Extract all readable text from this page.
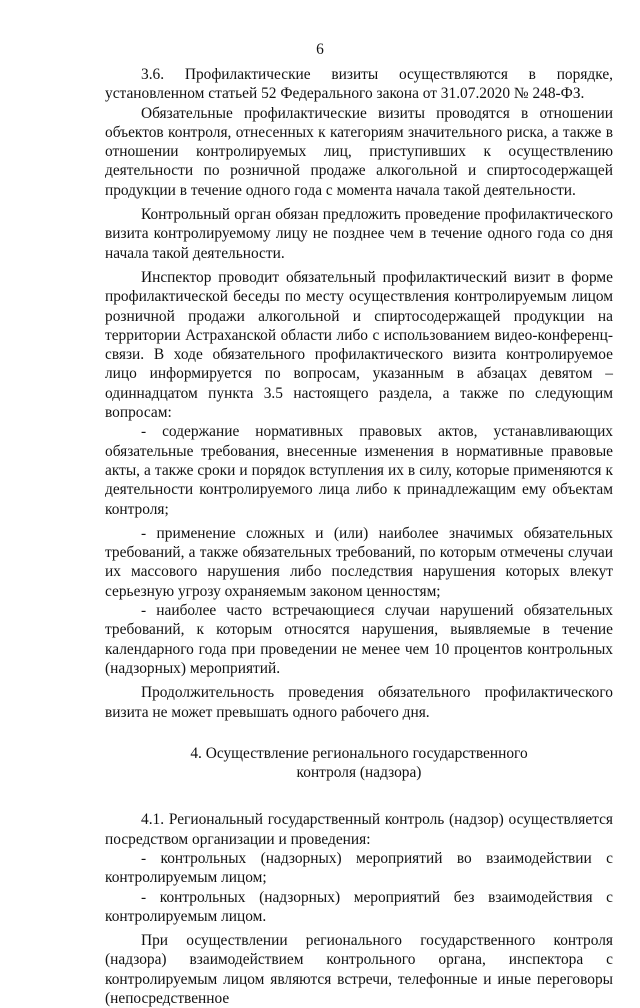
6

3.6. Профилактические визиты осуществляются в порядке, установленном статьей 52 Федерального закона от 31.07.2020 № 248-ФЗ.

Обязательные профилактические визиты проводятся в отношении объектов контроля, отнесенных к категориям значительного риска, а также в отношении контролируемых лиц, приступивших к осуществлению деятельности по розничной продаже алкогольной и спиртосодержащей продукции в течение одного года с момента начала такой деятельности.

Контрольный орган обязан предложить проведение профилактического визита контролируемому лицу не позднее чем в течение одного года со дня начала такой деятельности.

Инспектор проводит обязательный профилактический визит в форме профилактической беседы по месту осуществления контролируемым лицом розничной продажи алкогольной и спиртосодержащей продукции на территории Астраханской области либо с использованием видео-конференц-связи. В ходе обязательного профилактического визита контролируемое лицо информируется по вопросам, указанным в абзацах девятом – одиннадцатом пункта 3.5 настоящего раздела, а также по следующим вопросам:

- содержание нормативных правовых актов, устанавливающих обязательные требования, внесенные изменения в нормативные правовые акты, а также сроки и порядок вступления их в силу, которые применяются к деятельности контролируемого лица либо к принадлежащим ему объектам контроля;

- применение сложных и (или) наиболее значимых обязательных требований, а также обязательных требований, по которым отмечены случаи их массового нарушения либо последствия нарушения которых влекут серьезную угрозу охраняемым законом ценностям;

- наиболее часто встречающиеся случаи нарушений обязательных требований, к которым относятся нарушения, выявляемые в течение календарного года при проведении не менее чем 10 процентов контрольных (надзорных) мероприятий.

Продолжительность проведения обязательного профилактического визита не может превышать одного рабочего дня.

4. Осуществление регионального государственного
контроля (надзора)

4.1. Региональный государственный контроль (надзор) осуществляется посредством организации и проведения:

- контрольных (надзорных) мероприятий во взаимодействии с контролируемым лицом;

- контрольных (надзорных) мероприятий без взаимодействия с контролируемым лицом.

При осуществлении регионального государственного контроля (надзора) взаимодействием контрольного органа, инспектора с контролируемым лицом являются встречи, телефонные и иные переговоры (непосредственное
